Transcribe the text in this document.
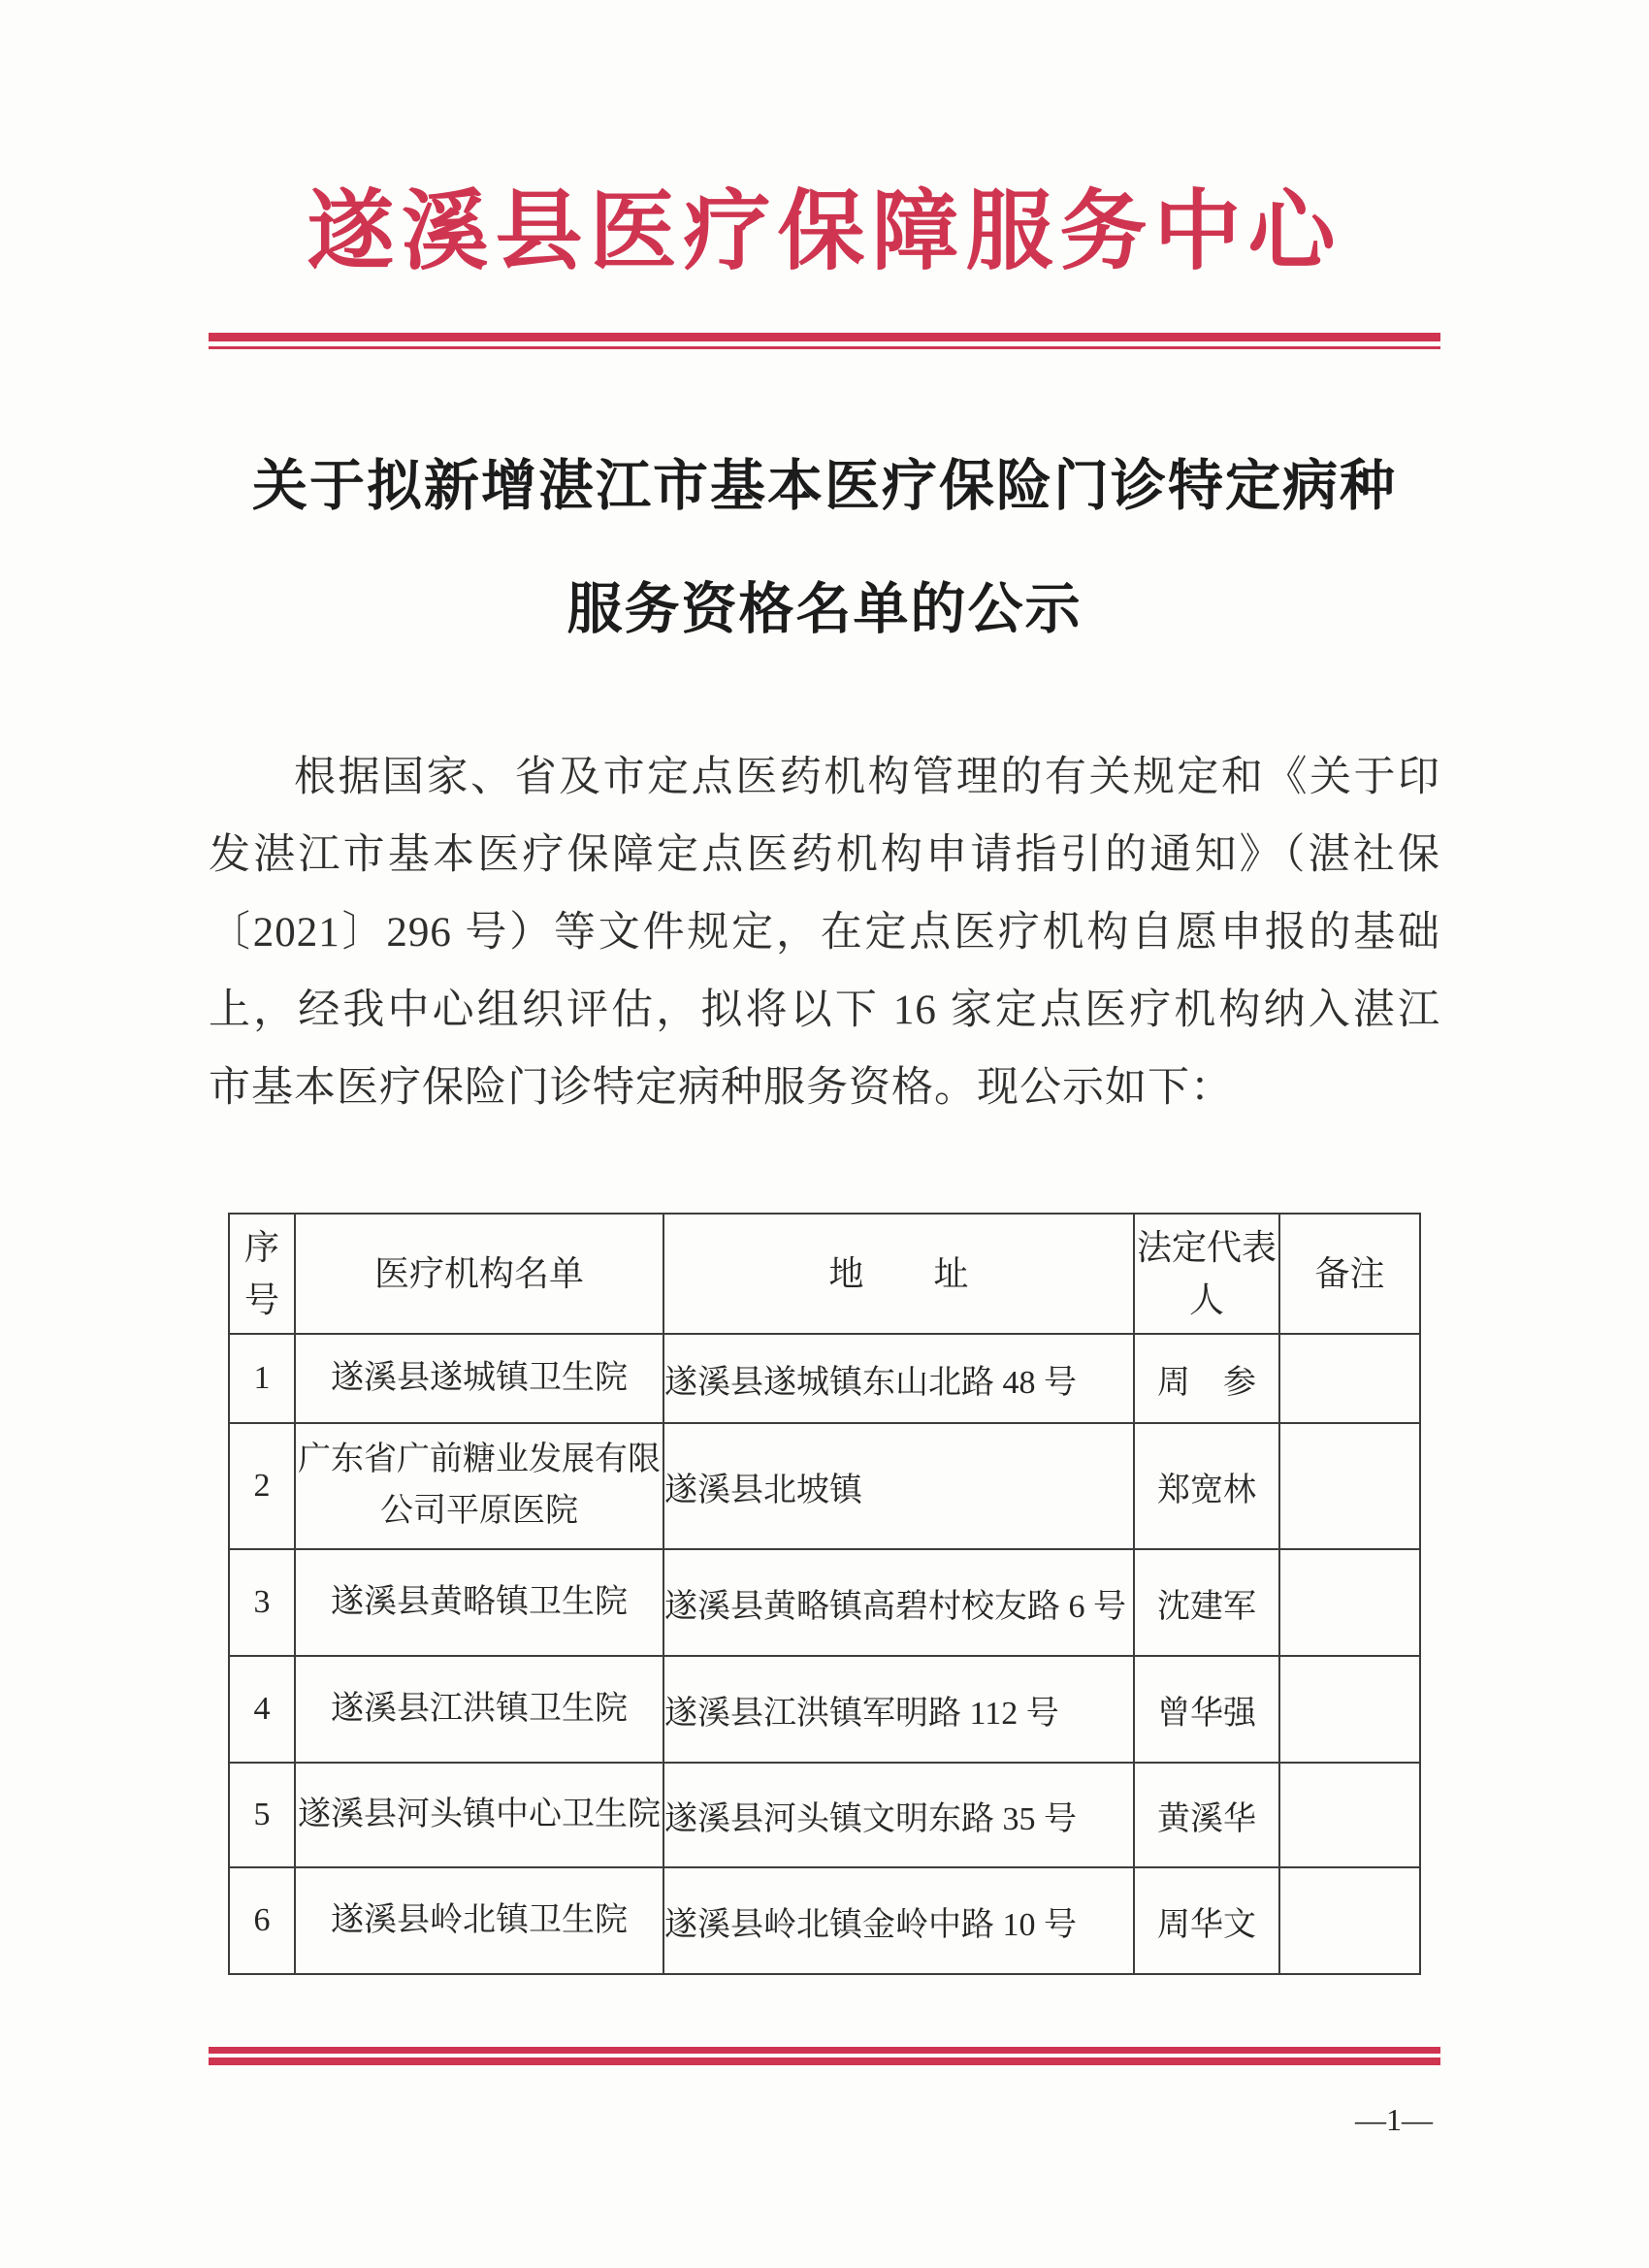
遂溪县医疗保障服务中心
关于拟新增湛江市基本医疗保险门诊特定病种
服务资格名单的公示
根据国家、省及市定点医药机构管理的有关规定和《关于印
发湛江市基本医疗保障定点医药机构申请指引的通知》（湛社保
〔2021〕296 号）等文件规定，在定点医疗机构自愿申报的基础
上，经我中心组织评估，拟将以下 16 家定点医疗机构纳入湛江
市基本医疗保险门诊特定病种服务资格。现公示如下：
序号	医疗机构名单	地　　址	法定代表人	备注
1	遂溪县遂城镇卫生院	遂溪县遂城镇东山北路 48 号	周　参	
2	广东省广前糖业发展有限公司平原医院	遂溪县北坡镇	郑宽林	
3	遂溪县黄略镇卫生院	遂溪县黄略镇高碧村校友路 6 号	沈建军	
4	遂溪县江洪镇卫生院	遂溪县江洪镇军明路 112 号	曾华强	
5	遂溪县河头镇中心卫生院	遂溪县河头镇文明东路 35 号	黄溪华	
6	遂溪县岭北镇卫生院	遂溪县岭北镇金岭中路 10 号	周华文	
—1—
